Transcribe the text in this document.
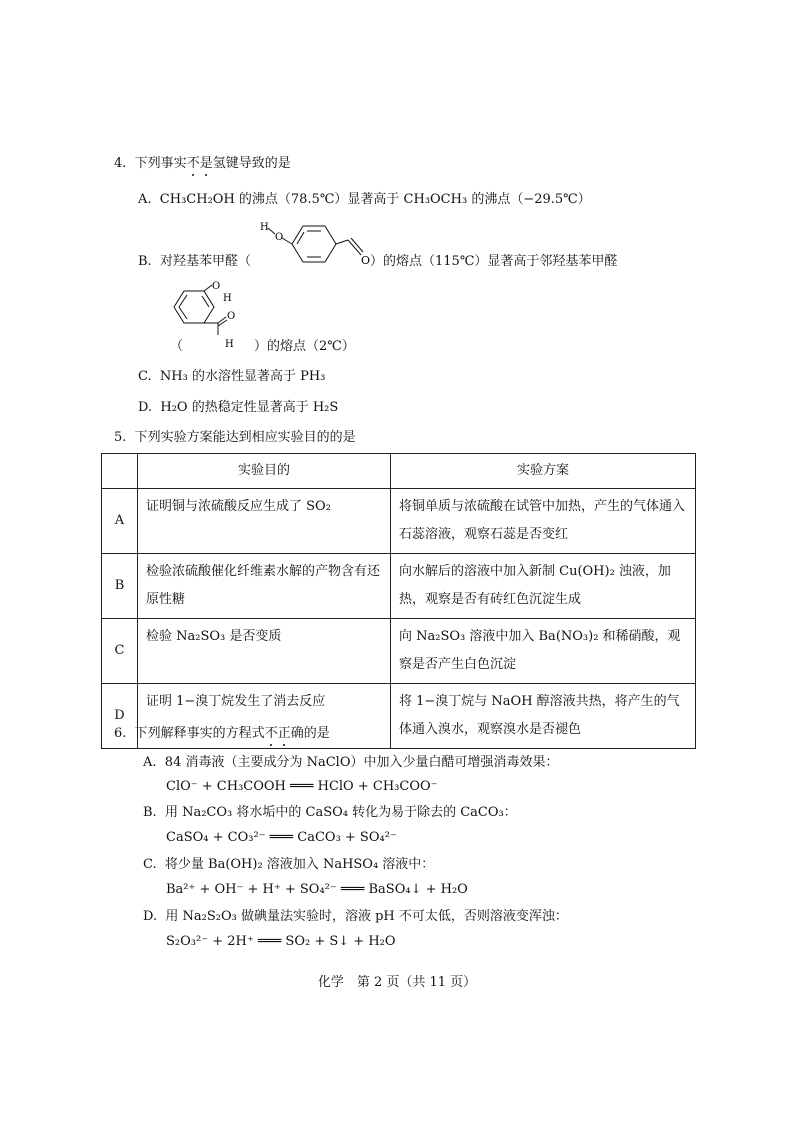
4. 下列事实不是氢键导致的是
A. CH₃CH₂OH 的沸点（78.5℃）显著高于 CH₃OCH₃ 的沸点（−29.5℃）
H
O
O
B. 对羟基苯甲醛（	）的熔点（115℃）显著高于邻羟基苯甲醛
O
H
O
H
（	）的熔点（2℃）
C. NH₃ 的水溶性显著高于 PH₃
D. H₂O 的热稳定性显著高于 H₂S
5. 下列实验方案能达到相应实验目的的是
	实验目的	实验方案
A	证明铜与浓硫酸反应生成了 SO₂	将铜单质与浓硫酸在试管中加热，产生的气体通入石蕊溶液，观察石蕊是否变红
B	检验浓硫酸催化纤维素水解的产物含有还原性糖	向水解后的溶液中加入新制 Cu(OH)₂ 浊液，加热，观察是否有砖红色沉淀生成
C	检验 Na₂SO₃ 是否变质	向 Na₂SO₃ 溶液中加入 Ba(NO₃)₂ 和稀硝酸，观察是否产生白色沉淀
D	证明 1−溴丁烷发生了消去反应	将 1−溴丁烷与 NaOH 醇溶液共热，将产生的气体通入溴水，观察溴水是否褪色
6. 下列解释事实的方程式不正确的是
A. 84 消毒液（主要成分为 NaClO）中加入少量白醋可增强消毒效果：
ClO⁻ + CH₃COOH ═══ HClO + CH₃COO⁻
B. 用 Na₂CO₃ 将水垢中的 CaSO₄ 转化为易于除去的 CaCO₃：
CaSO₄ + CO₃²⁻ ═══ CaCO₃ + SO₄²⁻
C. 将少量 Ba(OH)₂ 溶液加入 NaHSO₄ 溶液中：
Ba²⁺ + OH⁻ + H⁺ + SO₄²⁻ ═══ BaSO₄↓ + H₂O
D. 用 Na₂S₂O₃ 做碘量法实验时，溶液 pH 不可太低，否则溶液变浑浊：
S₂O₃²⁻ + 2H⁺ ═══ SO₂ + S↓ + H₂O
化学　第 2 页（共 11 页）
